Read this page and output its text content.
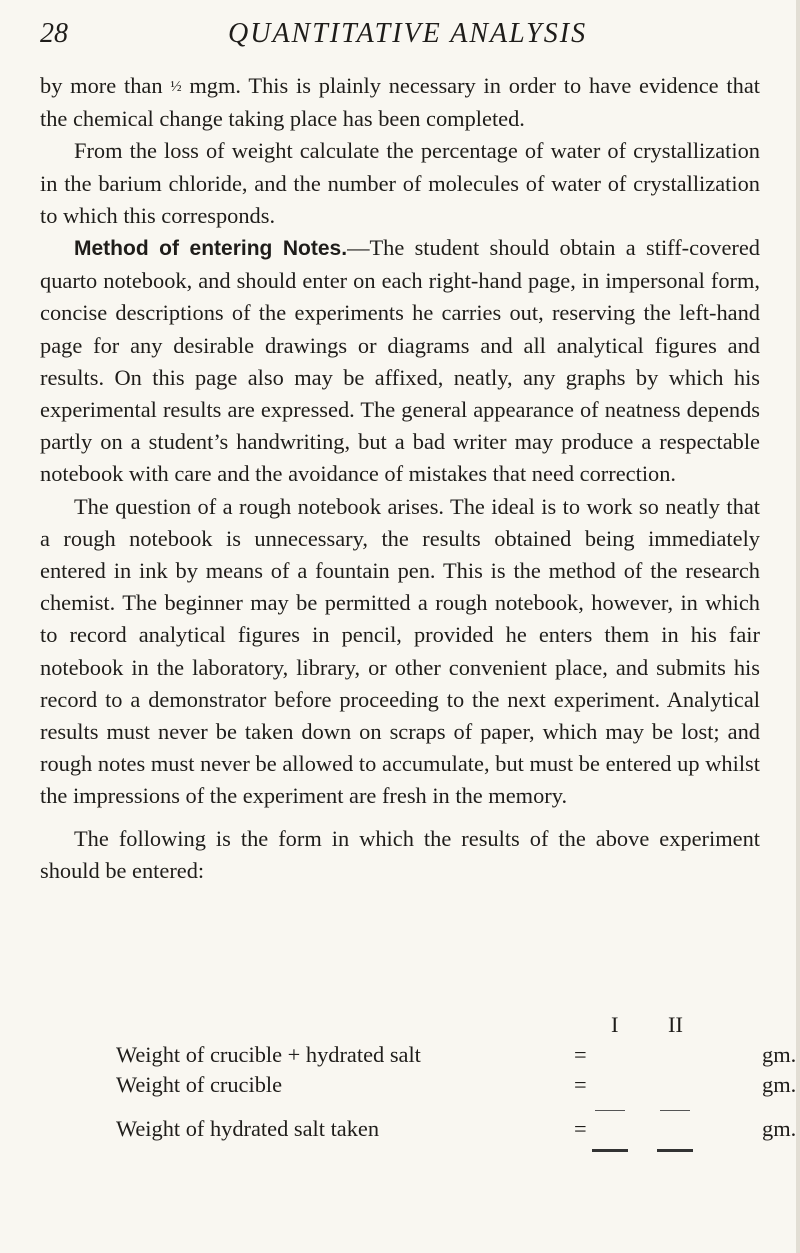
28	QUANTITATIVE ANALYSIS

by more than ½ mgm. This is plainly necessary in order to have evidence that the chemical change taking place has been completed.

From the loss of weight calculate the percentage of water of crystallization in the barium chloride, and the number of molecules of water of crystallization to which this corresponds.

Method of entering Notes.—The student should obtain a stiff-covered quarto notebook, and should enter on each right-hand page, in impersonal form, concise descriptions of the experiments he carries out, reserving the left-hand page for any desirable drawings or diagrams and all analytical figures and results. On this page also may be affixed, neatly, any graphs by which his experimental results are expressed. The general appearance of neatness depends partly on a student’s handwriting, but a bad writer may produce a respectable notebook with care and the avoidance of mistakes that need correction.

The question of a rough notebook arises. The ideal is to work so neatly that a rough notebook is unnecessary, the results obtained being immediately entered in ink by means of a fountain pen. This is the method of the research chemist. The beginner may be permitted a rough notebook, however, in which to record analytical figures in pencil, provided he enters them in his fair notebook in the laboratory, library, or other convenient place, and submits his record to a demonstrator before proceeding to the next experiment. Analytical results must never be taken down on scraps of paper, which may be lost; and rough notes must never be allowed to accumulate, but must be entered up whilst the impressions of the experiment are fresh in the memory.

The following is the form in which the results of the above experiment should be entered:

I II
Weight of crucible + hydrated salt	=	gm.
Weight of crucible	=	gm.
Weight of hydrated salt taken	=	gm.
